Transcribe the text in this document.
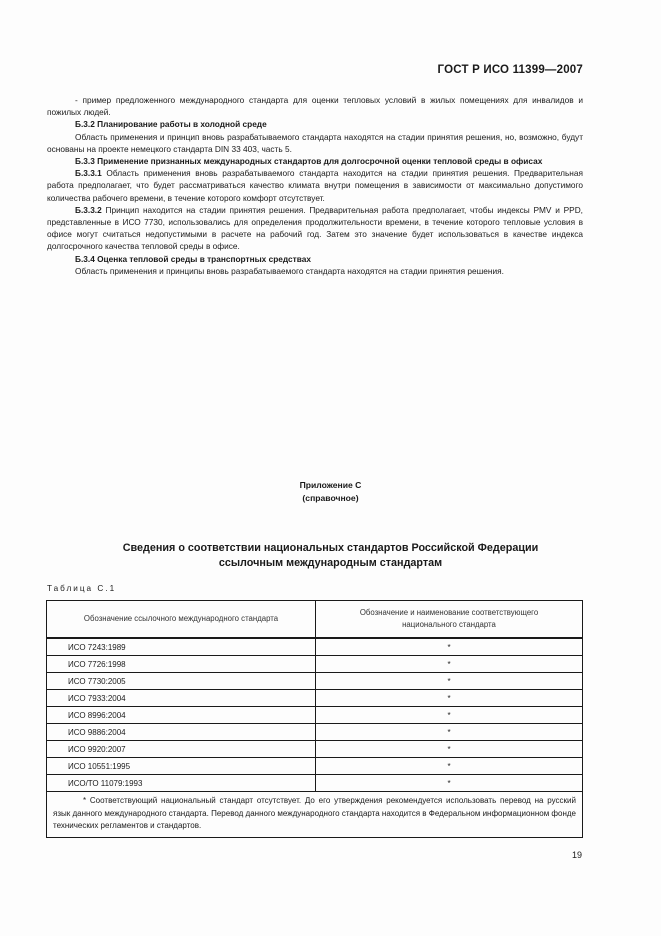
ГОСТ Р ИСО 11399—2007

- пример предложенного международного стандарта для оценки тепловых условий в жилых помещениях для инвалидов и пожилых людей.

Б.3.2 Планирование работы в холодной среде

Область применения и принцип вновь разрабатываемого стандарта находятся на стадии принятия решения, но, возможно, будут основаны на проекте немецкого стандарта DIN 33 403, часть 5.

Б.3.3 Применение признанных международных стандартов для долгосрочной оценки тепловой среды в офисах

Б.3.3.1 Область применения вновь разрабатываемого стандарта находится на стадии принятия решения. Предварительная работа предполагает, что будет рассматриваться качество климата внутри помещения в зависимости от максимально допустимого количества рабочего времени, в течение которого комфорт отсутствует.

Б.3.3.2 Принцип находится на стадии принятия решения. Предварительная работа предполагает, чтобы индексы PMV и PPD, представленные в ИСО 7730, использовались для определения продолжительности времени, в течение которого тепловые условия в офисе могут считаться недопустимыми в расчете на рабочий год. Затем это значение будет использоваться в качестве индекса долгосрочного качества тепловой среды в офисе.

Б.3.4 Оценка тепловой среды в транспортных средствах

Область применения и принципы вновь разрабатываемого стандарта находятся на стадии принятия решения.

Приложение С
(справочное)
Сведения о соответствии национальных стандартов Российской Федерации
ссылочным международным стандартам
Таблица С.1
Обозначение ссылочного международного стандарта	Обозначение и наименование соответствующего национального стандарта

ИСО 7243:1989	*
ИСО 7726:1998	*
ИСО 7730:2005	*
ИСО 7933:2004	*
ИСО 8996:2004	*
ИСО 9886:2004	*
ИСО 9920:2007	*
ИСО 10551:1995	*
ИСО/ТО 11079:1993	*
* Соответствующий национальный стандарт отсутствует. До его утверждения рекомендуется использовать перевод на русский язык данного международного стандарта. Перевод данного международного стандарта находится в Федеральном информационном фонде технических регламентов и стандартов.	
19
